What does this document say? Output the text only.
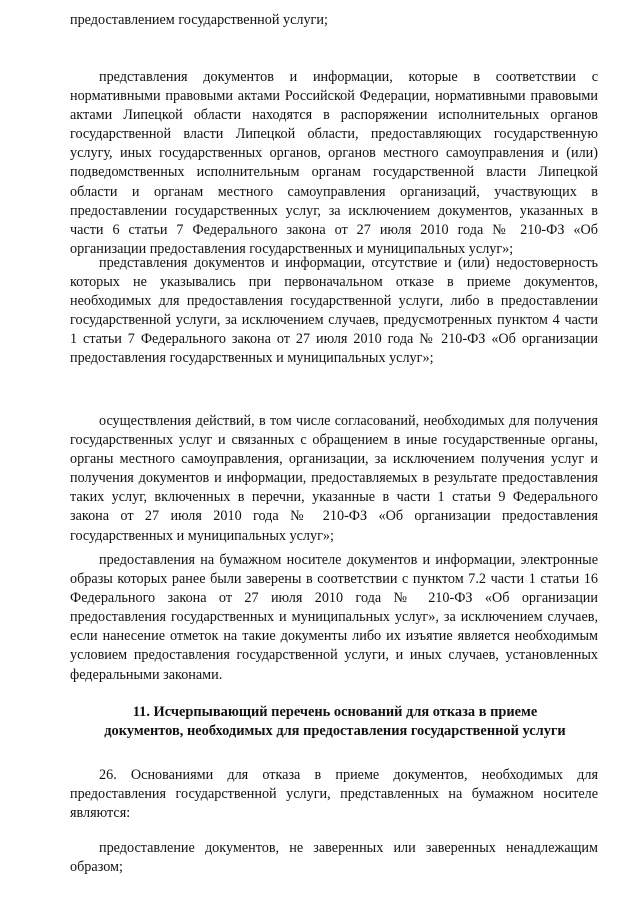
предоставлением государственной услуги;

представления документов и информации, которые в соответствии с нормативными правовыми актами Российской Федерации, нормативными правовыми актами Липецкой области находятся в распоряжении исполнительных органов государственной власти Липецкой области, предоставляющих государственную услугу, иных государственных органов, органов местного самоуправления и (или) подведомственных исполнительным органам государственной власти Липецкой области и органам местного самоуправления организаций, участвующих в предоставлении государственных услуг, за исключением документов, указанных в части 6 статьи 7 Федерального закона от 27 июля 2010 года № 210-ФЗ «Об организации предоставления государственных и муниципальных услуг»;

представления документов и информации, отсутствие и (или) недостоверность которых не указывались при первоначальном отказе в приеме документов, необходимых для предоставления государственной услуги, либо в предоставлении государственной услуги, за исключением случаев, предусмотренных пунктом 4 части 1 статьи 7 Федерального закона от 27 июля 2010 года № 210-ФЗ «Об организации предоставления государственных и муниципальных услуг»;

осуществления действий, в том числе согласований, необходимых для получения государственных услуг и связанных с обращением в иные государственные органы, органы местного самоуправления, организации, за исключением получения услуг и получения документов и информации, предоставляемых в результате предоставления таких услуг, включенных в перечни, указанные в части 1 статьи 9 Федерального закона от 27 июля 2010 года № 210-ФЗ «Об организации предоставления государственных и муниципальных услуг»;

предоставления на бумажном носителе документов и информации, электронные образы которых ранее были заверены в соответствии с пунктом 7.2 части 1 статьи 16 Федерального закона от 27 июля 2010 года № 210-ФЗ «Об организации предоставления государственных и муниципальных услуг», за исключением случаев, если нанесение отметок на такие документы либо их изъятие является необходимым условием предоставления государственной услуги, и иных случаев, установленных федеральными законами.

11. Исчерпывающий перечень оснований для отказа в приеме документов, необходимых для предоставления государственной услуги

26. Основаниями для отказа в приеме документов, необходимых для предоставления государственной услуги, представленных на бумажном носителе являются:

предоставление документов, не заверенных или заверенных ненадлежащим образом;
